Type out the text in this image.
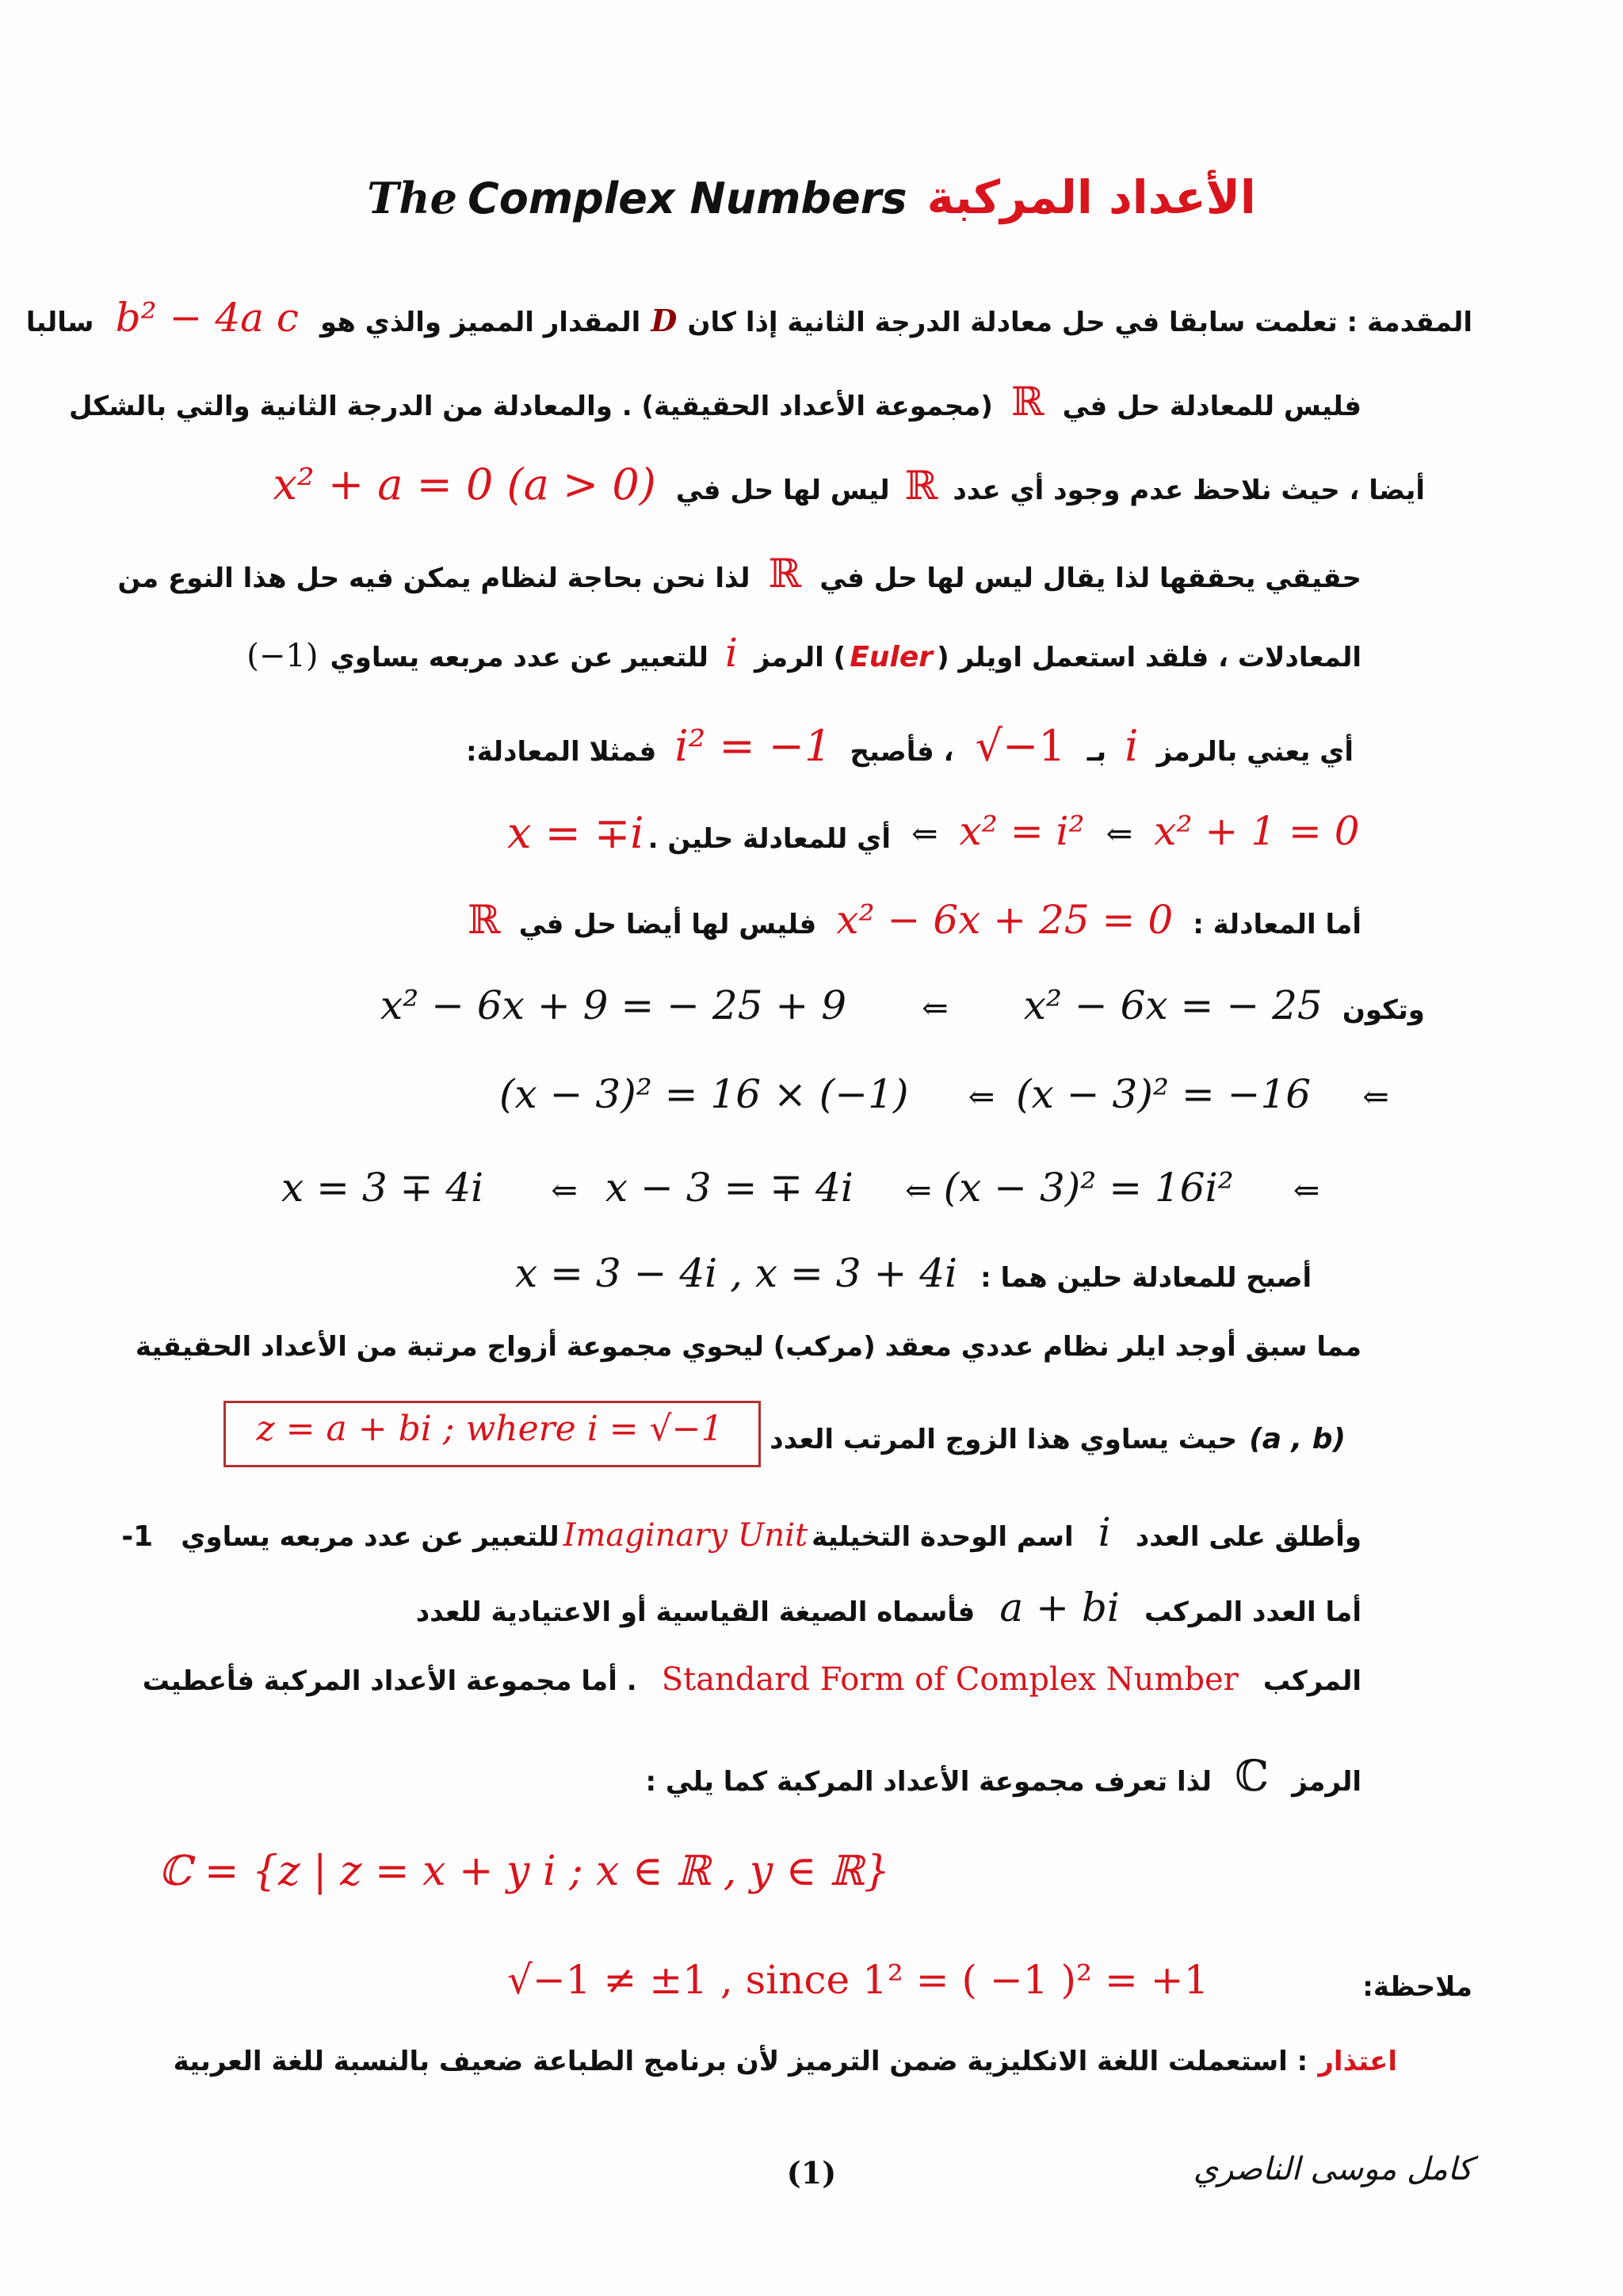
The Complex Numbers الأعداد المركبة
المقدمة : تعلمت سابقا في حل معادلة الدرجة الثانية إذا كان D المقدار المميز والذي هو b² − 4a c سالبا
فليس للمعادلة حل في ℝ (مجموعة الأعداد الحقيقية) . والمعادلة من الدرجة الثانية والتي بالشكل
أيضا ، حيث نلاحظ عدم وجود أي عدد ℝ ليس لها حل في x² + a = 0 (a > 0)
حقيقي يحققها لذا يقال ليس لها حل في ℝ لذا نحن بحاجة لنظام يمكن فيه حل هذا النوع من
المعادلات ، فلقد استعمل اويلر ( Euler ) الرمز i للتعبير عن عدد مربعه يساوي (−1)
أي يعني بالرمز i بـ √−1 ، فأصبح i² = −1 فمثلا المعادلة:
x = ∓i أي للمعادلة حلين . ⇐ x² = i² ⇐ x² + 1 = 0
أما المعادلة : x² − 6x + 25 = 0 فليس لها أيضا حل في ℝ
x² − 6x + 9 = − 25 + 9 ⇐ x² − 6x = − 25 وتكون
(x − 3)² = 16 × (−1) ⇐ (x − 3)² = −16 ⇐
x = 3 ∓ 4i ⇐ x − 3 = ∓ 4i ⇐ (x − 3)² = 16i² ⇐
x = 3 − 4i , x = 3 + 4i أصبح للمعادلة حلين هما :
مما سبق أوجد ايلر نظام عددي معقد (مركب) ليحوي مجموعة أزواج مرتبة من الأعداد الحقيقية
z = a + bi ; where i = √−1	(a , b) حيث يساوي هذا الزوج المرتب العدد
وأطلق على العدد i اسم الوحدة التخيلية Imaginary Unit للتعبير عن عدد مربعه يساوي -1
أما العدد المركب a + bi فأسماه الصيغة القياسية أو الاعتيادية للعدد
المركب Standard Form of Complex Number . أما مجموعة الأعداد المركبة فأعطيت
الرمز ℂ لذا تعرف مجموعة الأعداد المركبة كما يلي :
ℂ = {z | z = x + y i ; x ∈ ℝ , y ∈ ℝ}
√−1 ≠ ±1 , since 1² = ( −1 )² = +1	ملاحظة:
اعتذار : استعملت اللغة الانكليزية ضمن الترميز لأن برنامج الطباعة ضعيف بالنسبة للغة العربية
(1)	كامل موسى الناصري
